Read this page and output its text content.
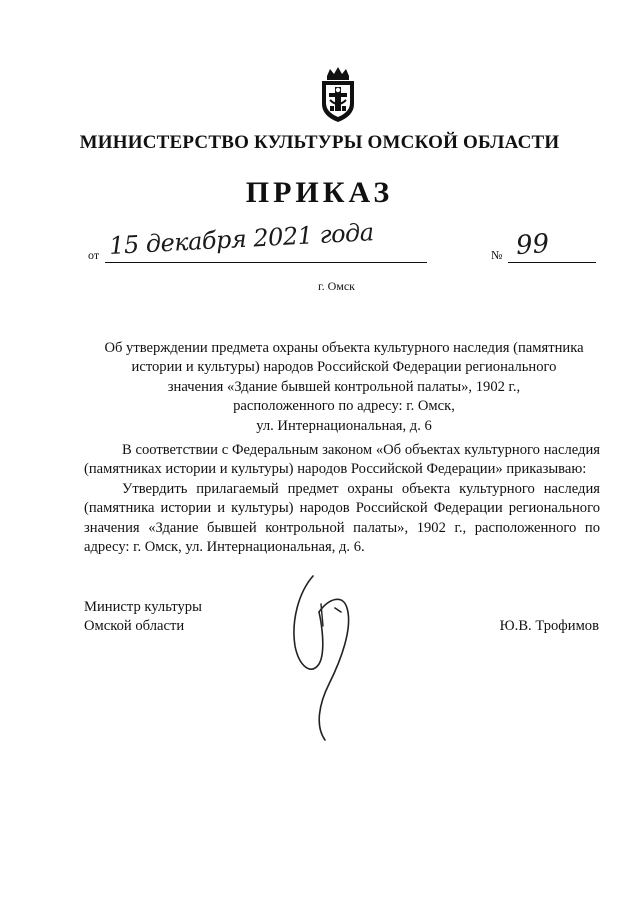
МИНИСТЕРСТВО КУЛЬТУРЫ ОМСКОЙ ОБЛАСТИ
ПРИКАЗ
от 15 декабря 2021 года	№ 99
г. Омск
Об утверждении предмета охраны объекта культурного наследия (памятника
истории и культуры) народов Российской Федерации регионального
значения «Здание бывшей контрольной палаты», 1902 г.,
расположенного по адресу: г. Омск,
ул. Интернациональная, д. 6

В соответствии с Федеральным законом «Об объектах культурного наследия (памятниках истории и культуры) народов Российской Федерации» приказываю:

Утвердить прилагаемый предмет охраны объекта культурного наследия (памятника истории и культуры) народов Российской Федерации регионального значения «Здание бывшей контрольной палаты», 1902 г., расположенного по адресу: г. Омск, ул. Интернациональная, д. 6.

Министр культуры
Омской области	Ю.В. Трофимов
